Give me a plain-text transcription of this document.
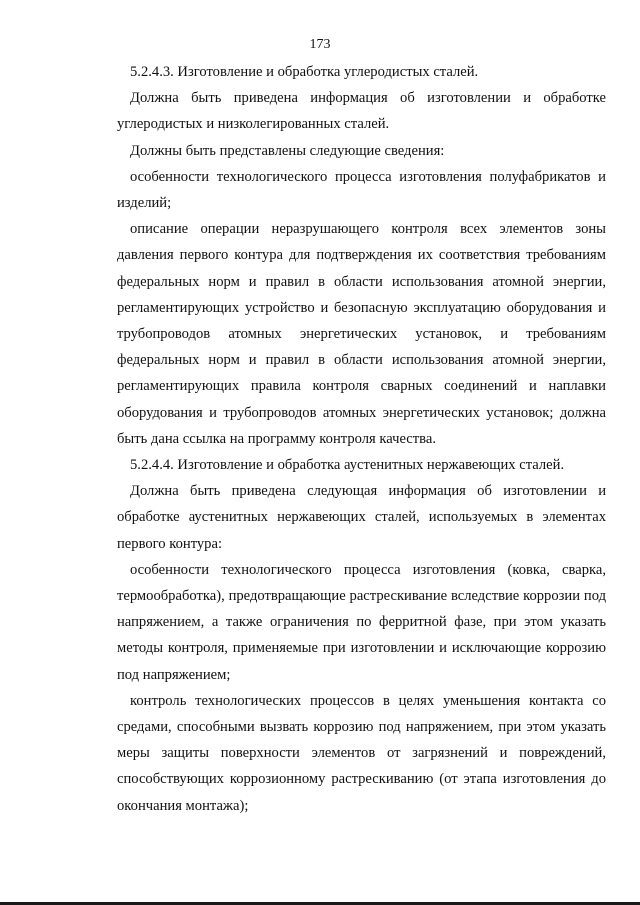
173

5.2.4.3. Изготовление и обработка углеродистых сталей.

Должна быть приведена информация об изготовлении и обработке углеродистых и низколегированных сталей.

Должны быть представлены следующие сведения:

особенности технологического процесса изготовления полуфабрикатов и изделий;

описание операции неразрушающего контроля всех элементов зоны давления первого контура для подтверждения их соответствия требованиям федеральных норм и правил в области использования атомной энергии, регламентирующих устройство и безопасную эксплуатацию оборудования и трубопроводов атомных энергетических установок, и требованиям федеральных норм и правил в области использования атомной энергии, регламентирующих правила контроля сварных соединений и наплавки оборудования и трубопроводов атомных энергетических установок; должна быть дана ссылка на программу контроля качества.

5.2.4.4. Изготовление и обработка аустенитных нержавеющих сталей.

Должна быть приведена следующая информация об изготовлении и обработке аустенитных нержавеющих сталей, используемых в элементах первого контура:

особенности технологического процесса изготовления (ковка, сварка, термообработка), предотвращающие растрескивание вследствие коррозии под напряжением, а также ограничения по ферритной фазе, при этом указать методы контроля, применяемые при изготовлении и исключающие коррозию под напряжением;

контроль технологических процессов в целях уменьшения контакта со средами, способными вызвать коррозию под напряжением, при этом указать меры защиты поверхности элементов от загрязнений и повреждений, способствующих коррозионному растрескиванию (от этапа изготовления до окончания монтажа);
